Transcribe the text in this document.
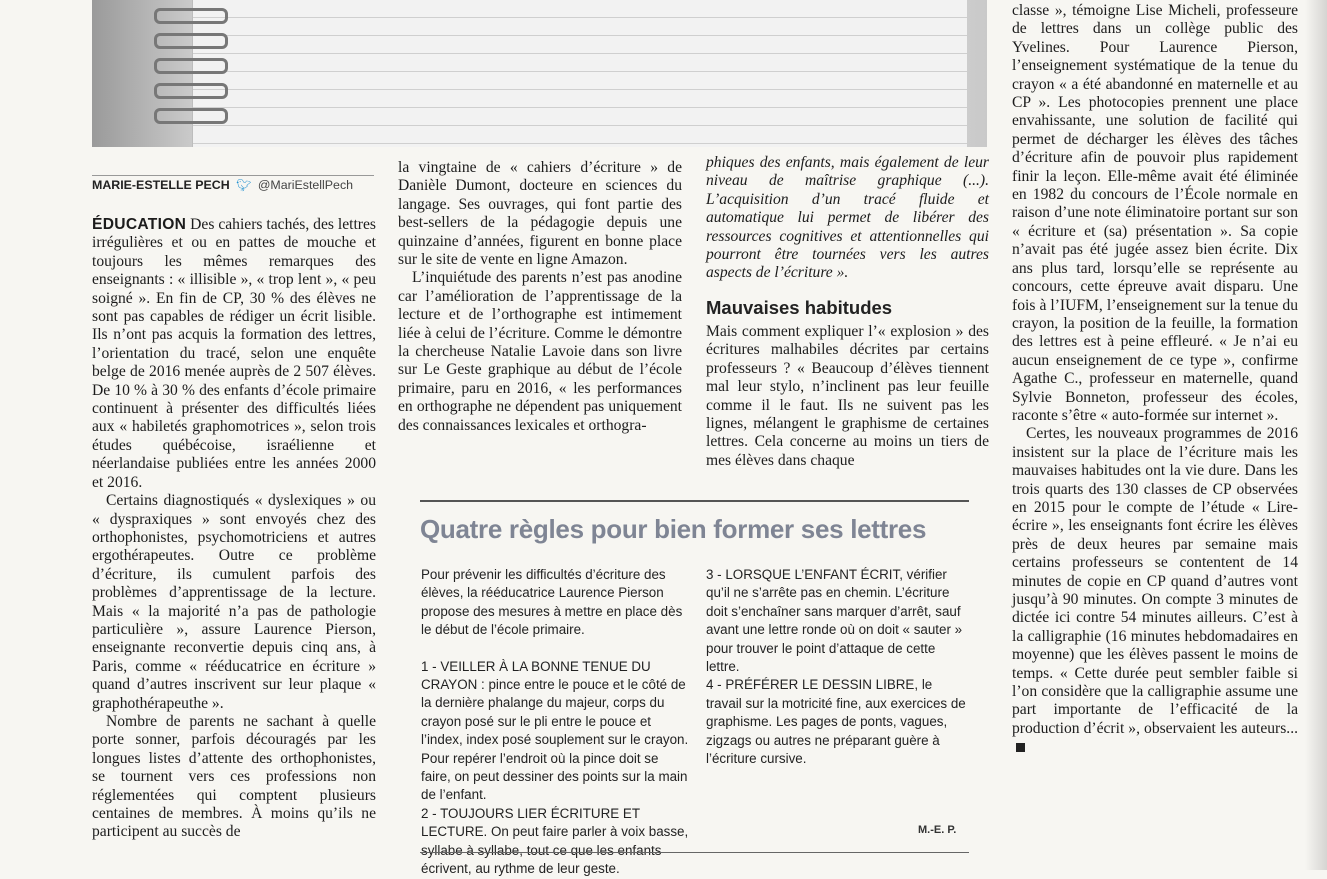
MARIE-ESTELLE PECH 🐦︎ @MariEstellPech

ÉDUCATION Des cahiers tachés, des lettres irrégulières et ou en pattes de mouche et toujours les mêmes remarques des enseignants : « illisible », « trop lent », « peu soigné ». En fin de CP, 30 % des élèves ne sont pas capables de rédiger un écrit lisible. Ils n’ont pas acquis la formation des lettres, l’orientation du tracé, selon une enquête belge de 2016 menée auprès de 2 507 élèves. De 10 % à 30 % des enfants d’école primaire continuent à présenter des difficultés liées aux « habiletés graphomotrices », selon trois études québécoise, israélienne et néerlandaise publiées entre les années 2000 et 2016.

Certains diagnostiqués « dyslexiques » ou « dyspraxiques » sont envoyés chez des orthophonistes, psychomotriciens et autres ergothérapeutes. Outre ce problème d’écriture, ils cumulent parfois des problèmes d’apprentissage de la lecture. Mais « la majorité n’a pas de pathologie particulière », assure Laurence Pierson, enseignante reconvertie depuis cinq ans, à Paris, comme « rééducatrice en écriture » quand d’autres inscrivent sur leur plaque « graphothérapeuthe ».

Nombre de parents ne sachant à quelle porte sonner, parfois découragés par les longues listes d’attente des orthophonistes, se tournent vers ces professions non réglementées qui comptent plusieurs centaines de membres. À moins qu’ils ne participent au succès de

la vingtaine de « cahiers d’écriture » de Danièle Dumont, docteure en sciences du langage. Ses ouvrages, qui font partie des best-sellers de la pédagogie depuis une quinzaine d’années, figurent en bonne place sur le site de vente en ligne Amazon.

L’inquiétude des parents n’est pas anodine car l’amélioration de l’apprentissage de la lecture et de l’orthographe est intimement liée à celui de l’écriture. Comme le démontre la chercheuse Natalie Lavoie dans son livre sur Le Geste graphique au début de l’école primaire, paru en 2016, « les performances en orthographe ne dépendent pas uniquement des connaissances lexicales et orthogra-

phiques des enfants, mais également de leur niveau de maîtrise graphique (...). L’acquisition d’un tracé fluide et automatique lui permet de libérer des ressources cognitives et attentionnelles qui pourront être tournées vers les autres aspects de l’écriture ».

Mauvaises habitudes

Mais comment expliquer l’« explosion » des écritures malhabiles décrites par certains professeurs ? « Beaucoup d’élèves tiennent mal leur stylo, n’inclinent pas leur feuille comme il le faut. Ils ne suivent pas les lignes, mélangent le graphisme de certaines lettres. Cela concerne au moins un tiers de mes élèves dans chaque

classe », témoigne Lise Micheli, professeure de lettres dans un collège public des Yvelines. Pour Laurence Pierson, l’enseignement systématique de la tenue du crayon « a été abandonné en maternelle et au CP ». Les photocopies prennent une place envahissante, une solution de facilité qui permet de décharger les élèves des tâches d’écriture afin de pouvoir plus rapidement finir la leçon. Elle-même avait été éliminée en 1982 du concours de l’École normale en raison d’une note éliminatoire portant sur son « écriture et (sa) présentation ». Sa copie n’avait pas été jugée assez bien écrite. Dix ans plus tard, lorsqu’elle se représente au concours, cette épreuve avait disparu. Une fois à l’IUFM, l’enseignement sur la tenue du crayon, la position de la feuille, la formation des lettres est à peine effleuré. « Je n’ai eu aucun enseignement de ce type », confirme Agathe C., professeur en maternelle, quand Sylvie Bonneton, professeur des écoles, raconte s’être « auto-formée sur internet ».

Certes, les nouveaux programmes de 2016 insistent sur la place de l’écriture mais les mauvaises habitudes ont la vie dure. Dans les trois quarts des 130 classes de CP observées en 2015 pour le compte de l’étude « Lire-écrire », les enseignants font écrire les élèves près de deux heures par semaine mais certains professeurs se contentent de 14 minutes de copie en CP quand d’autres vont jusqu’à 90 minutes. On compte 3 minutes de dictée ici contre 54 minutes ailleurs. C’est à la calligraphie (16 minutes hebdomadaires en moyenne) que les élèves passent le moins de temps. « Cette durée peut sembler faible si l’on considère que la calligraphie assume une part importante de l’efficacité de la production d’écrit », observaient les auteurs...

Quatre règles pour bien former ses lettres

Pour prévenir les difficultés d’écriture des élèves, la rééducatrice Laurence Pierson propose des mesures à mettre en place dès le début de l’école primaire.

1 - VEILLER À LA BONNE TENUE DU CRAYON : pince entre le pouce et le côté de la dernière phalange du majeur, corps du crayon posé sur le pli entre le pouce et l’index, index posé souplement sur le crayon. Pour repérer l’endroit où la pince doit se faire, on peut dessiner des points sur la main de l’enfant.

2 - TOUJOURS LIER ÉCRITURE ET LECTURE. On peut faire parler à voix basse, syllabe à syllabe, tout ce que les enfants écrivent, au rythme de leur geste.

3 - LORSQUE L’ENFANT ÉCRIT, vérifier qu’il ne s’arrête pas en chemin. L’écriture doit s’enchaîner sans marquer d’arrêt, sauf avant une lettre ronde où on doit « sauter » pour trouver le point d’attaque de cette lettre.

4 - PRÉFÉRER LE DESSIN LIBRE, le travail sur la motricité fine, aux exercices de graphisme. Les pages de ponts, vagues, zigzags ou autres ne préparant guère à l’écriture cursive.

M.-E. P.
